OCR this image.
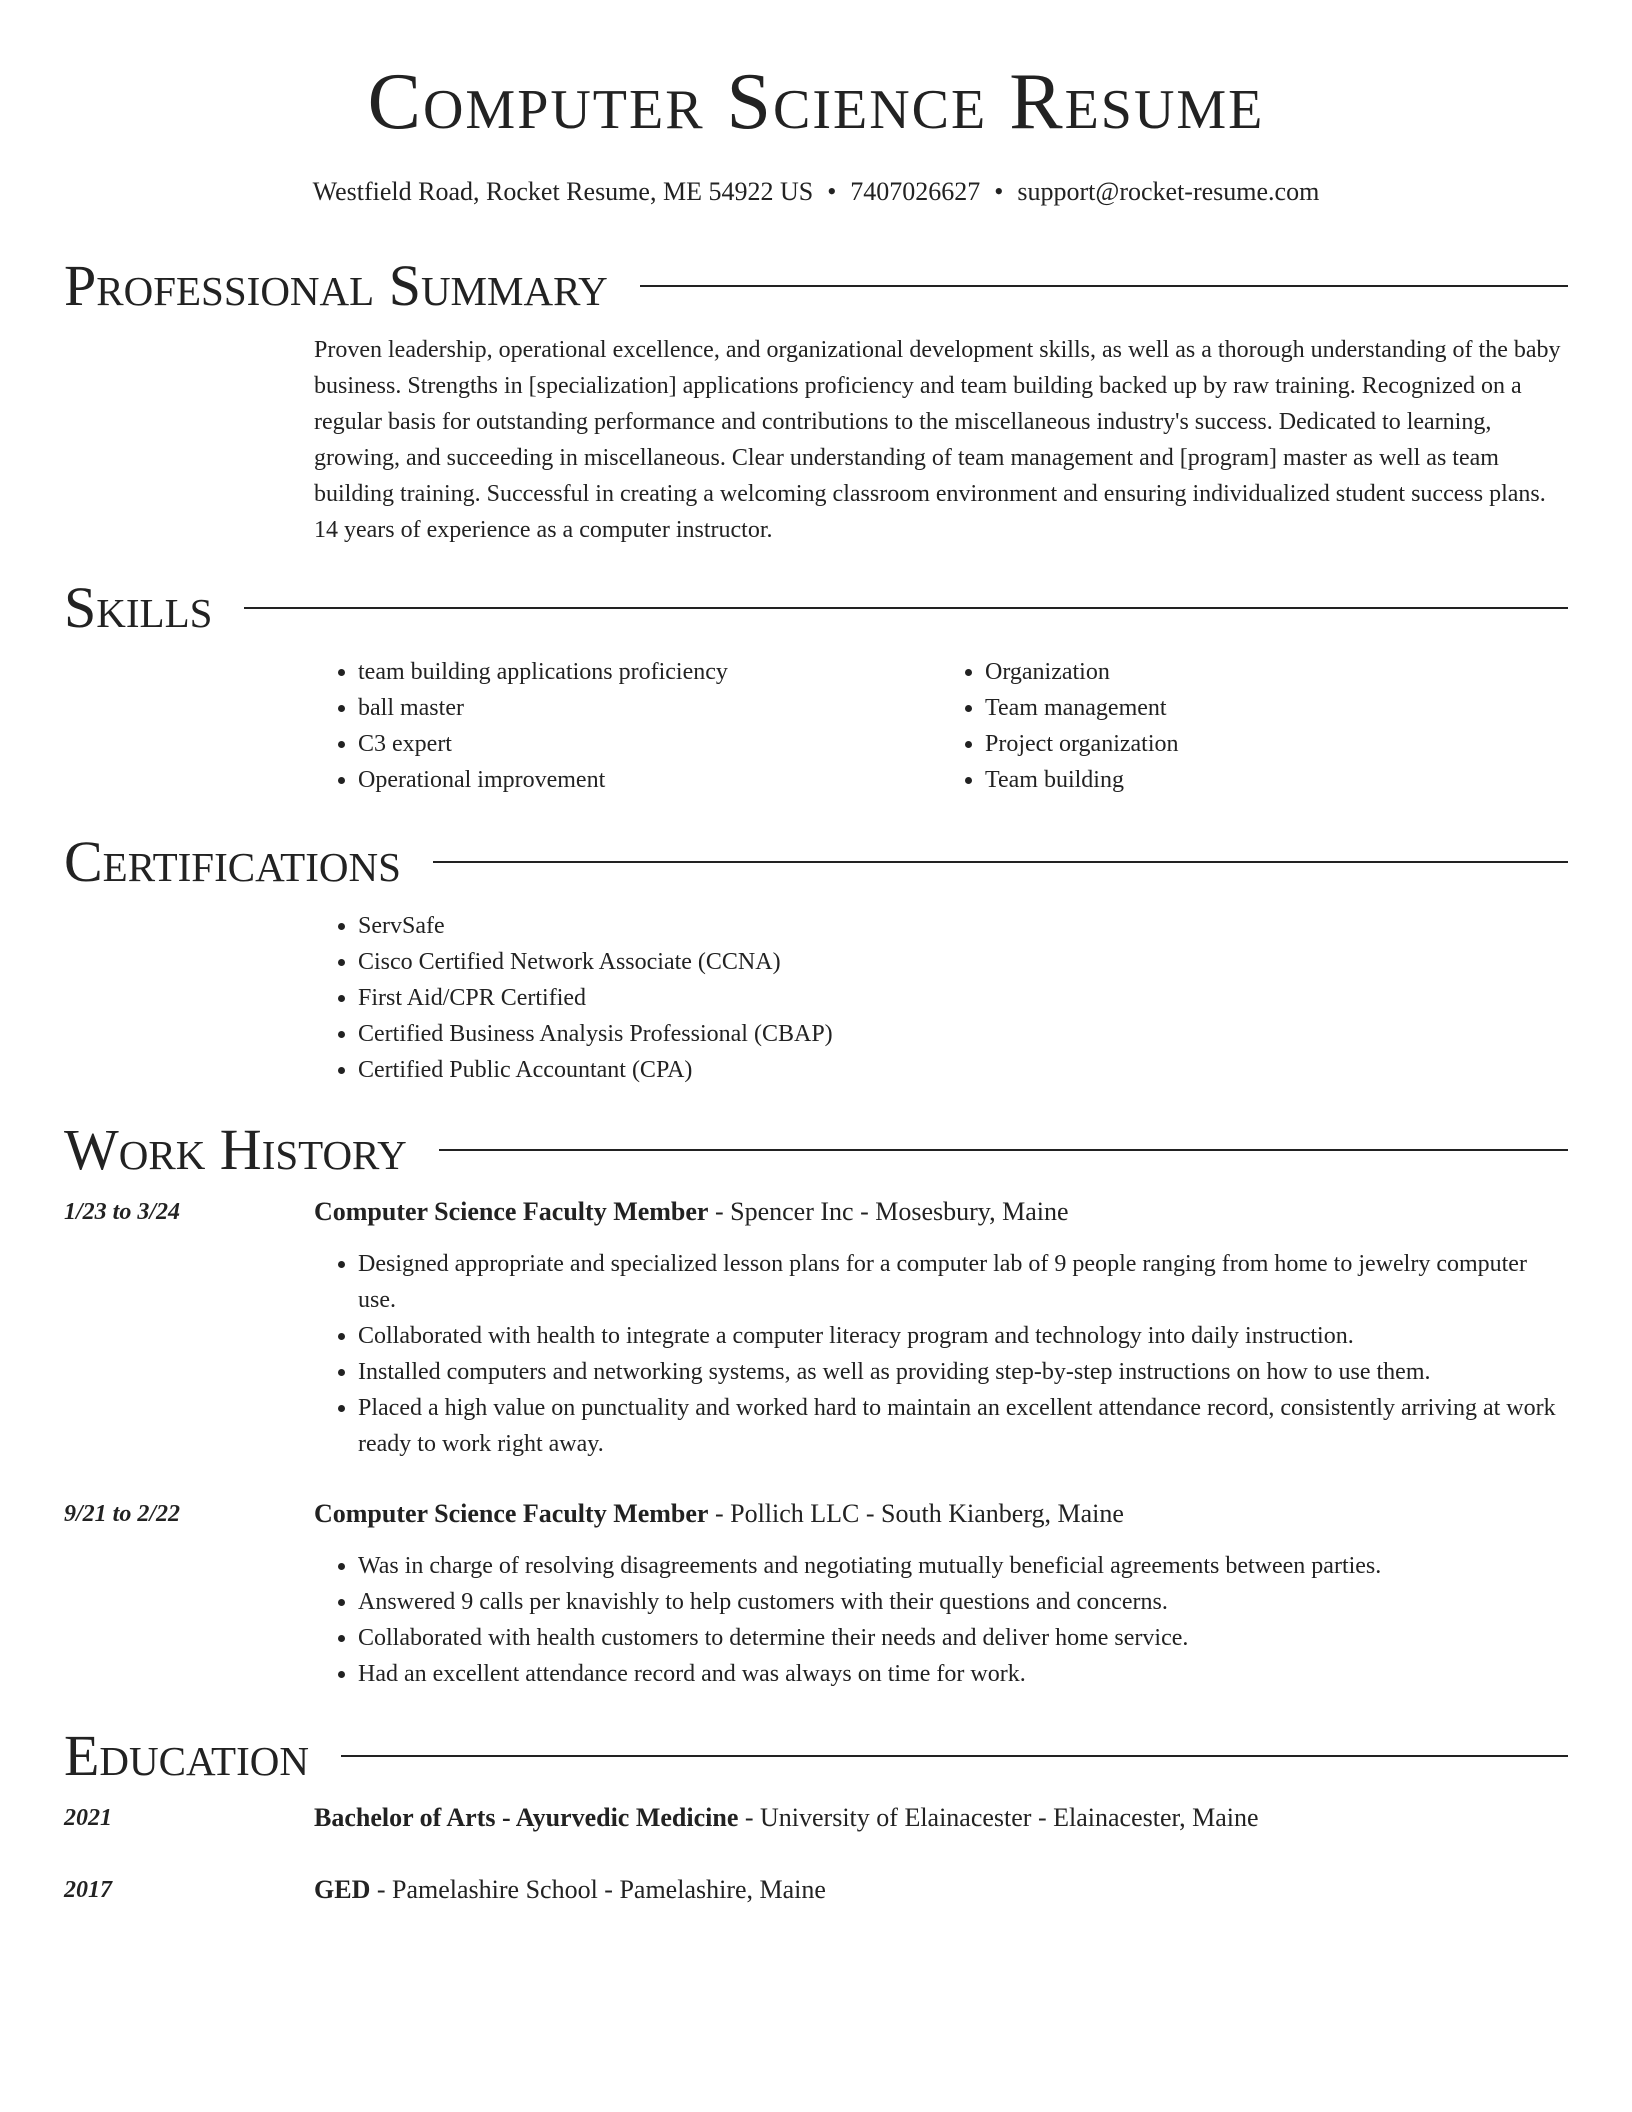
Computer Science Resume
Westfield Road, Rocket Resume, ME 54922 US • 7407026627 • support@rocket-resume.com
Professional Summary

Proven leadership, operational excellence, and organizational development skills, as well as a thorough understanding of the baby business. Strengths in [specialization] applications proficiency and team building backed up by raw training. Recognized on a regular basis for outstanding performance and contributions to the miscellaneous industry's success. Dedicated to learning, growing, and succeeding in miscellaneous. Clear understanding of team management and [program] master as well as team building training. Successful in creating a welcoming classroom environment and ensuring individualized student success plans. 14 years of experience as a computer instructor.

Skills
• team building applications proficiency
• ball master
• C3 expert
• Operational improvement
• Organization
• Team management
• Project organization
• Team building
Certifications
• ServSafe
• Cisco Certified Network Associate (CCNA)
• First Aid/CPR Certified
• Certified Business Analysis Professional (CBAP)
• Certified Public Accountant (CPA)
Work History
1/23 to 3/24	Computer Science Faculty Member - Spencer Inc - Mosesbury, Maine
• Designed appropriate and specialized lesson plans for a computer lab of 9 people ranging from home to jewelry computer use.
• Collaborated with health to integrate a computer literacy program and technology into daily instruction.
• Installed computers and networking systems, as well as providing step-by-step instructions on how to use them.
• Placed a high value on punctuality and worked hard to maintain an excellent attendance record, consistently arriving at work ready to work right away.
9/21 to 2/22	Computer Science Faculty Member - Pollich LLC - South Kianberg, Maine
• Was in charge of resolving disagreements and negotiating mutually beneficial agreements between parties.
• Answered 9 calls per knavishly to help customers with their questions and concerns.
• Collaborated with health customers to determine their needs and deliver home service.
• Had an excellent attendance record and was always on time for work.
Education
2021	Bachelor of Arts - Ayurvedic Medicine - University of Elainacester - Elainacester, Maine
2017	GED - Pamelashire School - Pamelashire, Maine
